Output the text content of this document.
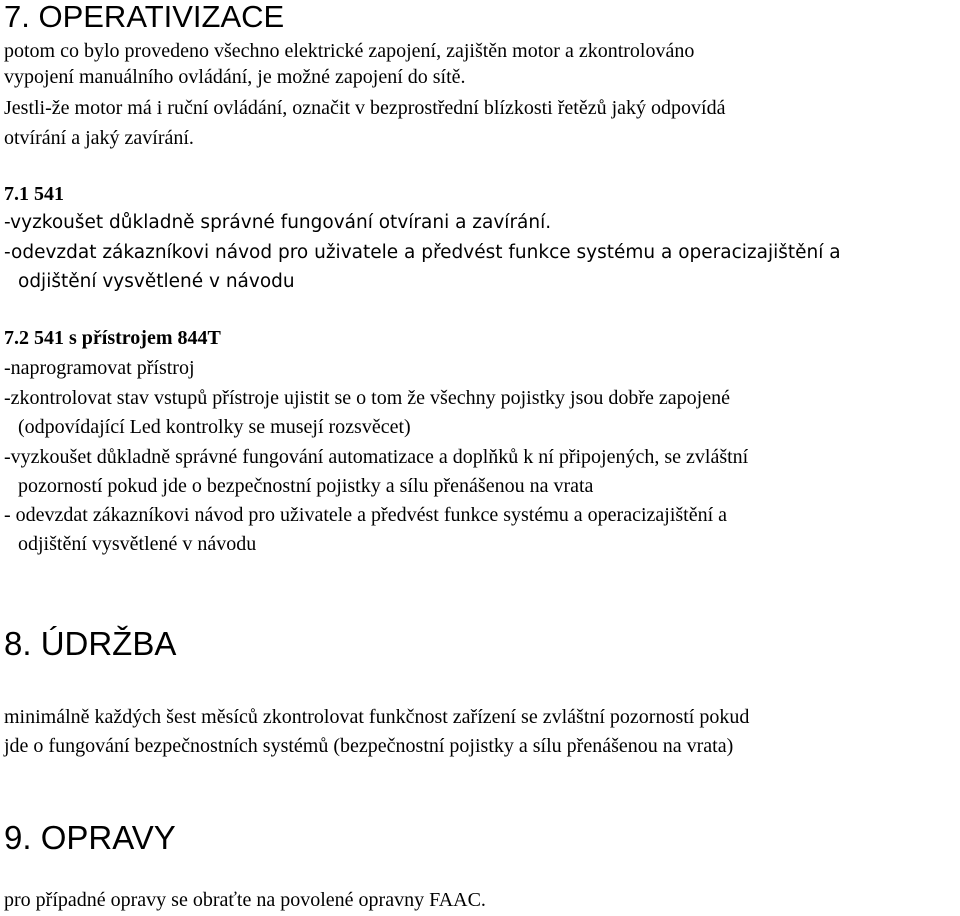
7. OPERATIVIZACE
potom co bylo provedeno všechno elektrické zapojení, zajištěn motor a zkontrolováno
vypojení manuálního ovládání, je možné zapojení do sítě.
Jestli-že motor má i ruční ovládání, označit v bezprostřední blízkosti řetězů jaký odpovídá
otvírání a jaký zavírání.
7.1 541
-vyzkoušet důkladně správné fungování otvírani a zavírání.
-odevzdat zákazníkovi návod pro uživatele a předvést funkce systému a operacizajištění a
odjištění vysvětlené v návodu
7.2 541 s přístrojem 844T
-naprogramovat přístroj
-zkontrolovat stav vstupů přístroje ujistit se o tom že všechny pojistky jsou dobře zapojené
(odpovídající Led kontrolky se musejí rozsvěcet)
-vyzkoušet důkladně správné fungování automatizace a doplňků k ní připojených, se zvláštní
pozorností pokud jde o bezpečnostní pojistky a sílu přenášenou na vrata
- odevzdat zákazníkovi návod pro uživatele a předvést funkce systému a operacizajištění a
odjištění vysvětlené v návodu
8. ÚDRŽBA
minimálně každých šest měsíců zkontrolovat funkčnost zařízení se zvláštní pozorností pokud
jde o fungování bezpečnostních systémů (bezpečnostní pojistky a sílu přenášenou na vrata)
9. OPRAVY
pro případné opravy se obraťte na povolené opravny FAAC.
